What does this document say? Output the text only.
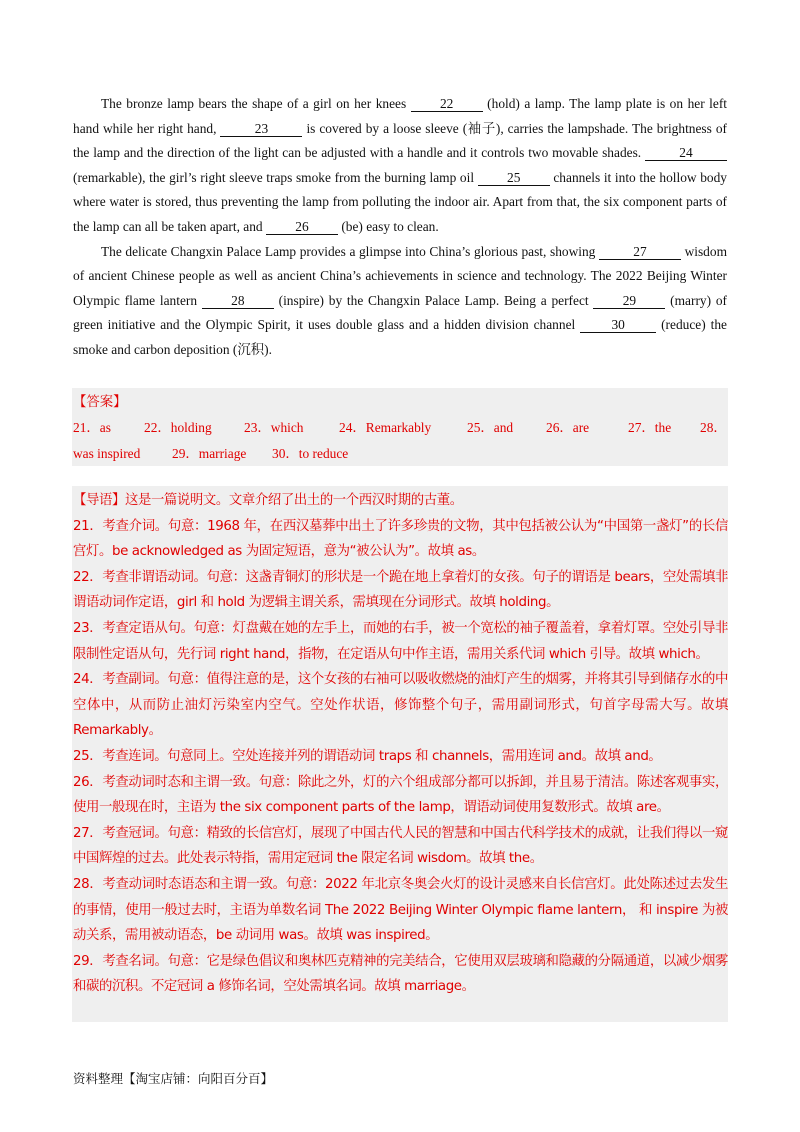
The bronze lamp bears the shape of a girl on her knees 22 (hold) a lamp. The lamp plate is on her left hand while her right hand,	23	is covered by a loose sleeve (袖子), carries the lampshade. The brightness of the lamp and the direction of the light can be adjusted with a handle and it controls two movable shades.	24 (remarkable), the girl’s right sleeve traps smoke from the burning lamp oil 25 channels it into the hollow body where water is stored, thus preventing the lamp from polluting the indoor air. Apart from that, the six component parts of the lamp can all be taken apart, and 26 (be) easy to clean.

The delicate Changxin Palace Lamp provides a glimpse into China’s glorious past, showing	27	wisdom of ancient Chinese people as well as ancient China’s achievements in science and technology. The 2022 Beijing Winter Olympic flame lantern 28 (inspire) by the Changxin Palace Lamp. Being a perfect 29 (marry) of green initiative and the Olympic Spirit, it uses double glass and a hidden division channel 30 (reduce) the smoke and carbon deposition (沉积).

【答案】
21．as 22．holding 23．which	24．Remarkably	25．and 26．are	27．the 28．
was inspired 29．marriage 30．to reduce

【导语】这是一篇说明文。文章介绍了出土的一个西汉时期的古董。

21．考查介词。句意：1968 年，在西汉墓葬中出土了许多珍贵的文物，其中包括被公认为“中国第一盏灯”的长信宫灯。be acknowledged as 为固定短语，意为“被公认为”。故填 as。

22．考查非谓语动词。句意：这盏青铜灯的形状是一个跪在地上拿着灯的女孩。句子的谓语是 bears，空处需填非谓语动词作定语，girl 和 hold 为逻辑主谓关系，需填现在分词形式。故填 holding。

23．考查定语从句。句意：灯盘戴在她的左手上，而她的右手，被一个宽松的袖子覆盖着，拿着灯罩。空处引导非限制性定语从句，先行词 right hand，指物，在定语从句中作主语，需用关系代词 which 引导。故填 which。

24．考查副词。句意：值得注意的是，这个女孩的右袖可以吸收燃烧的油灯产生的烟雾，并将其引导到储存水的中空体中，从而防止油灯污染室内空气。空处作状语，修饰整个句子，需用副词形式，句首字母需大写。故填 Remarkably。

25．考查连词。句意同上。空处连接并列的谓语动词 traps 和 channels，需用连词 and。故填 and。

26．考查动词时态和主谓一致。句意：除此之外，灯的六个组成部分都可以拆卸，并且易于清洁。陈述客观事实，使用一般现在时，主语为 the six component parts of the lamp，谓语动词使用复数形式。故填 are。

27．考查冠词。句意：精致的长信宫灯，展现了中国古代人民的智慧和中国古代科学技术的成就，让我们得以一窥中国辉煌的过去。此处表示特指，需用定冠词 the 限定名词 wisdom。故填 the。

28．考查动词时态语态和主谓一致。句意：2022 年北京冬奥会火灯的设计灵感来自长信宫灯。此处陈述过去发生的事情，使用一般过去时，主语为单数名词 The 2022 Beijing Winter Olympic flame lantern， 和 inspire 为被动关系，需用被动语态，be 动词用 was。故填 was inspired。

29．考查名词。句意：它是绿色倡议和奥林匹克精神的完美结合，它使用双层玻璃和隐藏的分隔通道，以减少烟雾和碳的沉积。不定冠词 a 修饰名词，空处需填名词。故填 marriage。

资料整理【淘宝店铺：向阳百分百】
